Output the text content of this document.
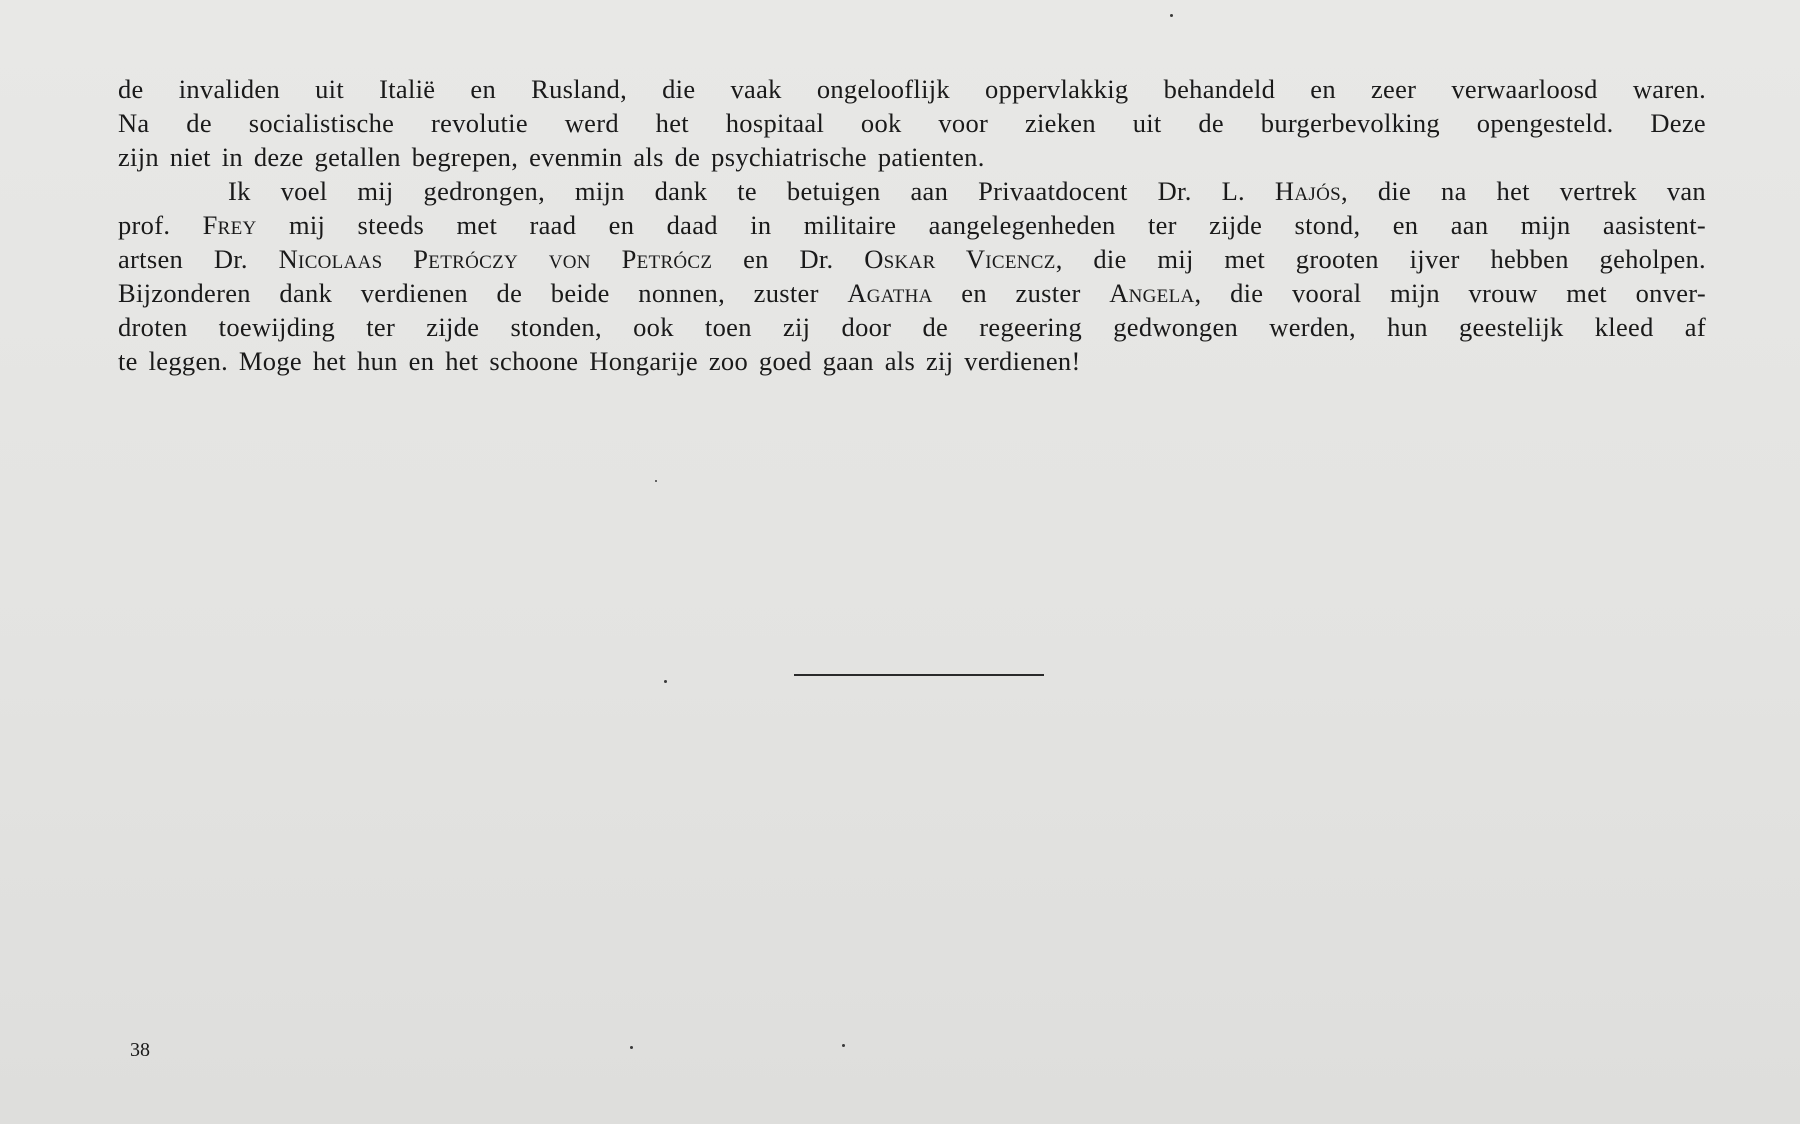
de invaliden uit Italië en Rusland, die vaak ongelooflijk oppervlakkig behandeld en zeer verwaarloosd waren.
Na de socialistische revolutie werd het hospitaal ook voor zieken uit de burgerbevolking opengesteld. Deze
zijn niet in deze getallen begrepen, evenmin als de psychiatrische patienten.
Ik voel mij gedrongen, mijn dank te betuigen aan Privaatdocent Dr. L. Hajós, die na het vertrek van
prof. Frey mij steeds met raad en daad in militaire aangelegenheden ter zijde stond, en aan mijn aasistent-
artsen Dr. Nicolaas Petróczy von Petrócz en Dr. Oskar Vicencz, die mij met grooten ijver hebben geholpen.
Bijzonderen dank verdienen de beide nonnen, zuster Agatha en zuster Angela, die vooral mijn vrouw met onver-
droten toewijding ter zijde stonden, ook toen zij door de regeering gedwongen werden, hun geestelijk kleed af
te leggen. Moge het hun en het schoone Hongarije zoo goed gaan als zij verdienen!
38
